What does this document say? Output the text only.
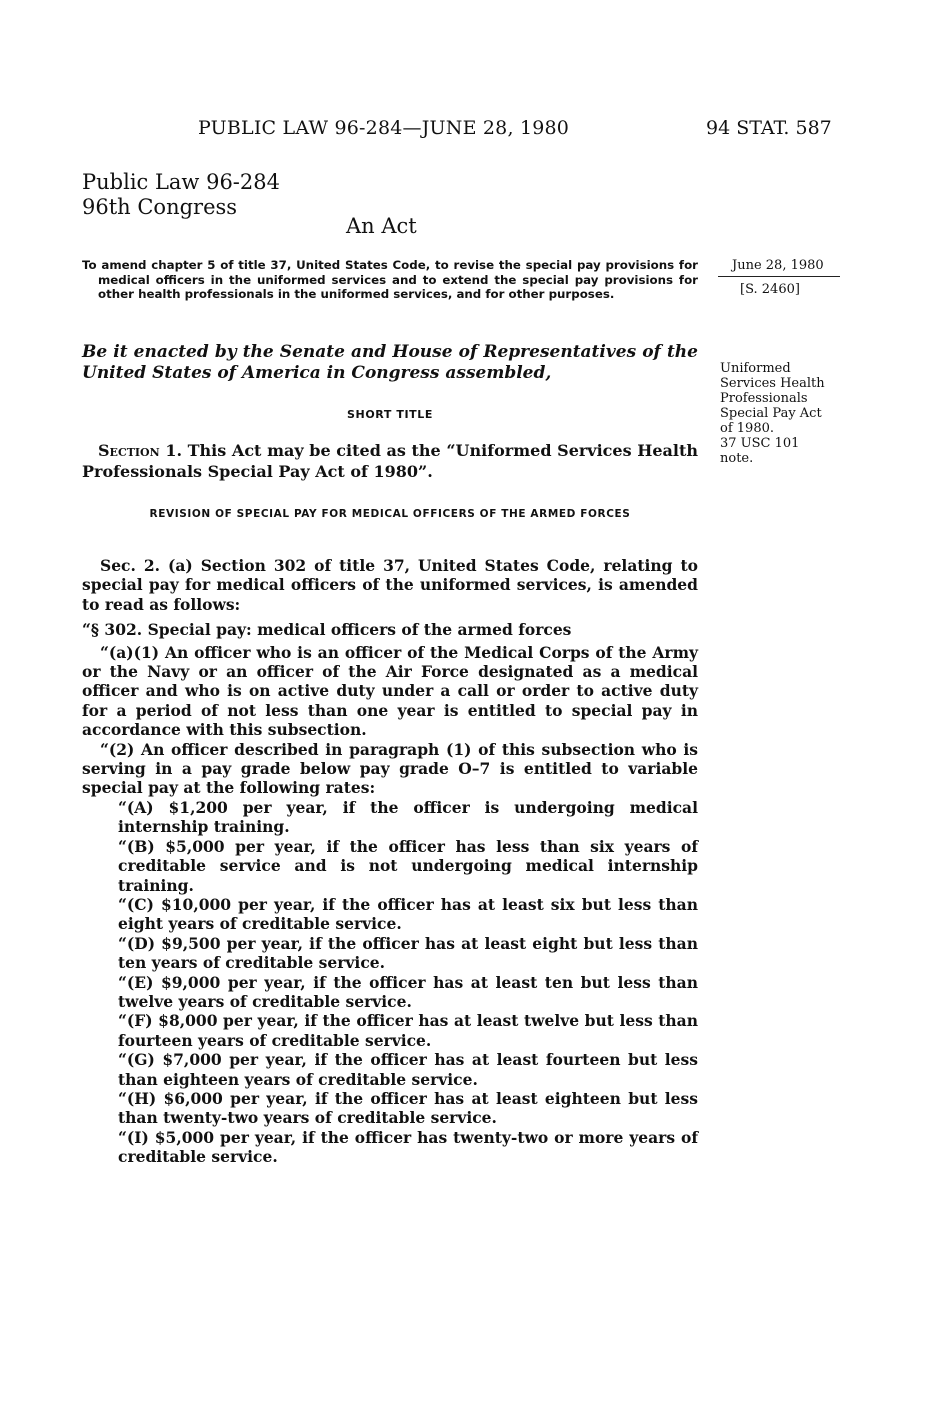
PUBLIC LAW 96-284—JUNE 28, 1980	94 STAT. 587
Public Law 96-284
96th Congress
An Act

To amend chapter 5 of title 37, United States Code, to revise the special pay provisions for medical officers in the uniformed services and to extend the special pay provisions for other health professionals in the uniformed services, and for other purposes.

June 28, 1980
[S. 2460]
Uniformed
Services Health
Professionals
Special Pay Act
of 1980.
37 USC 101
note.

Be it enacted by the Senate and House of Representatives of the United States of America in Congress assembled,

SHORT TITLE

Section 1. This Act may be cited as the “Uniformed Services Health Professionals Special Pay Act of 1980”.

REVISION OF SPECIAL PAY FOR MEDICAL OFFICERS OF THE ARMED FORCES

Sec. 2. (a) Section 302 of title 37, United States Code, relating to special pay for medical officers of the uniformed services, is amended to read as follows:

“§ 302. Special pay: medical officers of the armed forces

“(a)(1) An officer who is an officer of the Medical Corps of the Army or the Navy or an officer of the Air Force designated as a medical officer and who is on active duty under a call or order to active duty for a period of not less than one year is entitled to special pay in accordance with this subsection.

“(2) An officer described in paragraph (1) of this subsection who is serving in a pay grade below pay grade O–7 is entitled to variable special pay at the following rates:

“(A) $1,200 per year, if the officer is undergoing medical internship training.

“(B) $5,000 per year, if the officer has less than six years of creditable service and is not undergoing medical internship training.

“(C) $10,000 per year, if the officer has at least six but less than eight years of creditable service.

“(D) $9,500 per year, if the officer has at least eight but less than ten years of creditable service.

“(E) $9,000 per year, if the officer has at least ten but less than twelve years of creditable service.

“(F) $8,000 per year, if the officer has at least twelve but less than fourteen years of creditable service.

“(G) $7,000 per year, if the officer has at least fourteen but less than eighteen years of creditable service.

“(H) $6,000 per year, if the officer has at least eighteen but less than twenty-two years of creditable service.

“(I) $5,000 per year, if the officer has twenty-two or more years of creditable service.
